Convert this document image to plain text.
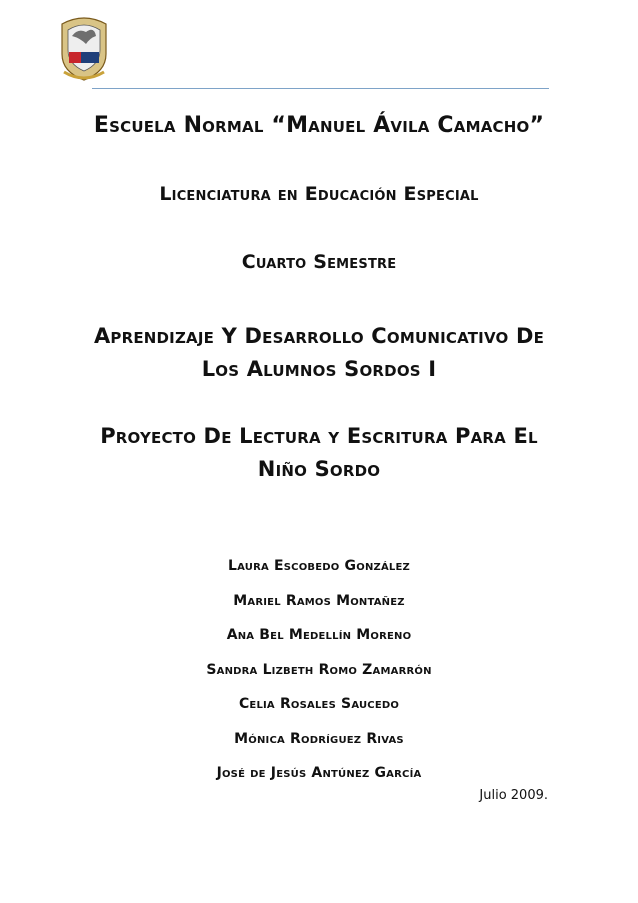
Escuela Normal “Manuel Ávila Camacho”
Licenciatura en Educación Especial
Cuarto Semestre
Aprendizaje Y Desarrollo Comunicativo De
Los Alumnos Sordos I
Proyecto De Lectura y Escritura Para El
Niño Sordo
Laura Escobedo González
Mariel Ramos Montañez
Ana Bel Medellín Moreno
Sandra Lizbeth Romo Zamarrón
Celia Rosales Saucedo
Mónica Rodríguez Rivas
José de Jesús Antúnez García
Julio 2009.
